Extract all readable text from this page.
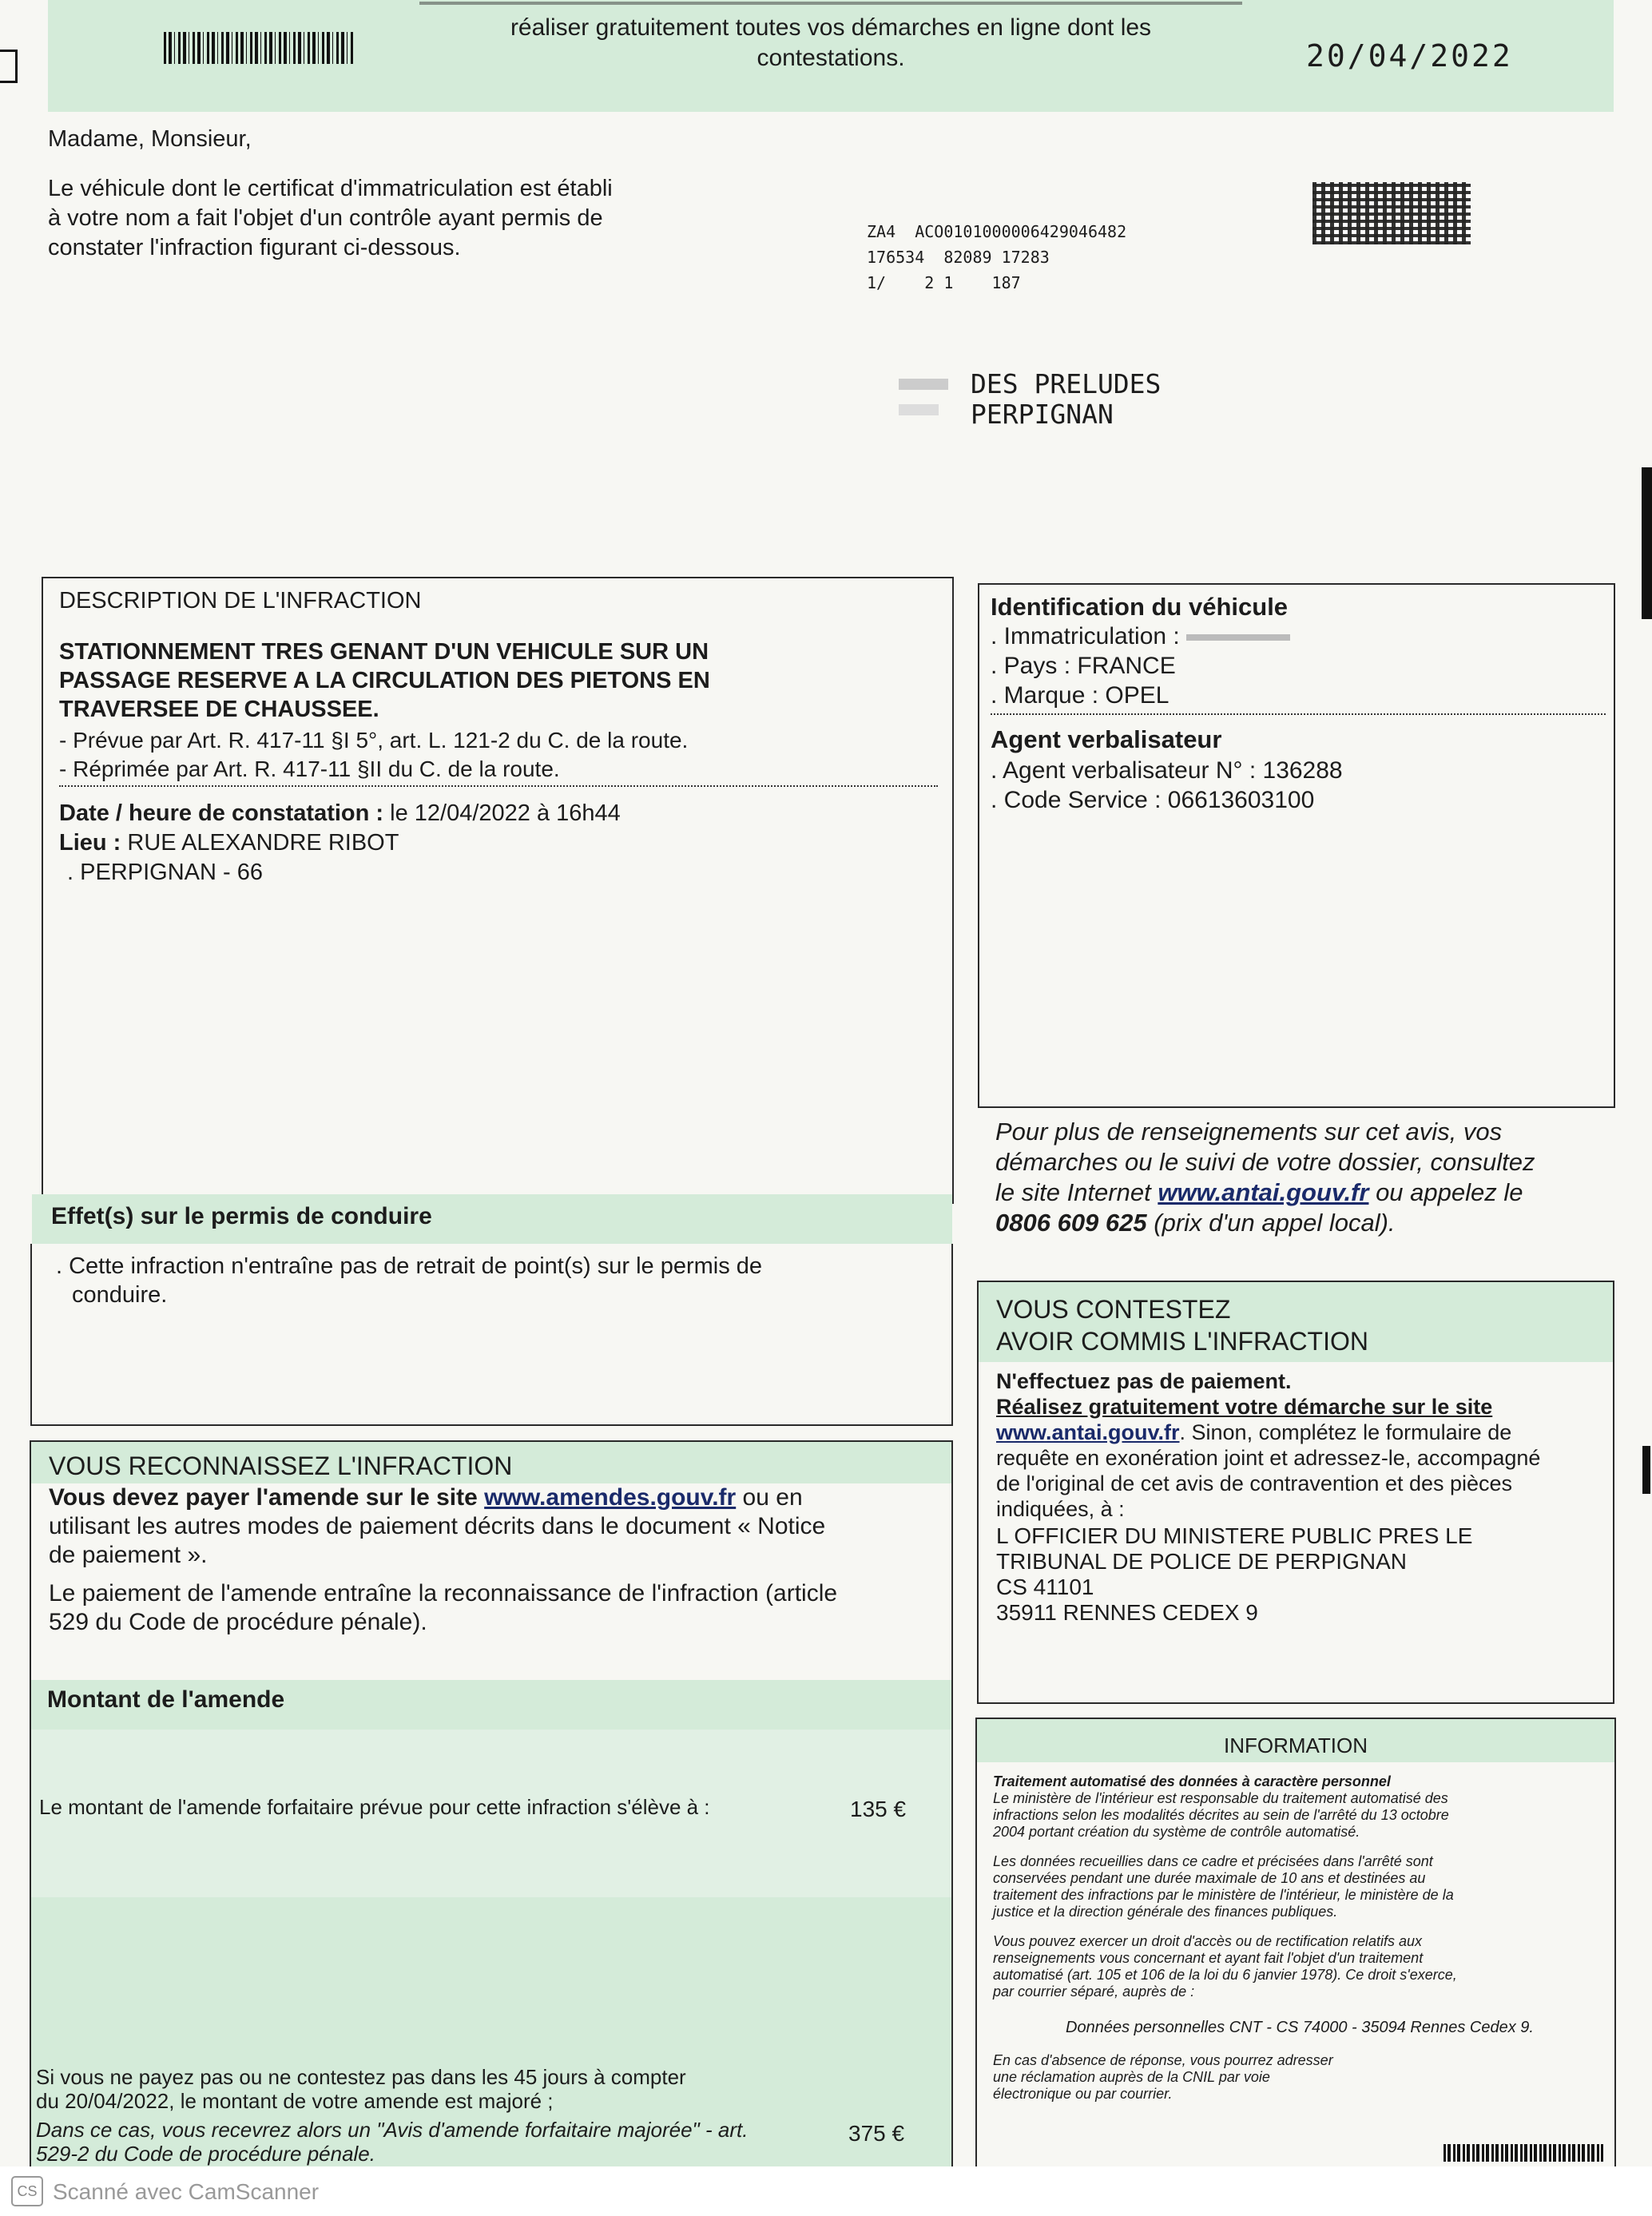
réaliser gratuitement toutes vos démarches en ligne dont les
contestations.	20/04/2022
Madame, Monsieur,
Le véhicule dont le certificat d'immatriculation est établi
à votre nom a fait l'objet d'un contrôle ayant permis de
constater l'infraction figurant ci-dessous.

ZA4  ACO0101000006429046482
176534  82089 17283
1/    2 1    187

DES PRELUDES
PERPIGNAN
DESCRIPTION DE L'INFRACTION
STATIONNEMENT TRES GENANT D'UN VEHICULE SUR UN
PASSAGE RESERVE A LA CIRCULATION DES PIETONS EN
TRAVERSEE DE CHAUSSEE.
- Prévue par Art. R. 417-11 §I 5°, art. L. 121-2 du C. de la route.
- Réprimée par Art. R. 417-11 §II du C. de la route.
Date / heure de constatation : le 12/04/2022 à 16h44
Lieu : RUE ALEXANDRE RIBOT
. PERPIGNAN - 66
Effet(s) sur le permis de conduire
. Cette infraction n'entraîne pas de retrait de point(s) sur le permis de
conduire.
Identification du véhicule
. Immatriculation :
. Pays : FRANCE
. Marque : OPEL
Agent verbalisateur
. Agent verbalisateur N° : 136288
. Code Service : 06613603100
Pour plus de renseignements sur cet avis, vos
démarches ou le suivi de votre dossier, consultez
le site Internet www.antai.gouv.fr ou appelez le
0806 609 625 (prix d'un appel local).
VOUS CONTESTEZ
AVOIR COMMIS L'INFRACTION
N'effectuez pas de paiement.
Réalisez gratuitement votre démarche sur le site
www.antai.gouv.fr. Sinon, complétez le formulaire de
requête en exonération joint et adressez-le, accompagné
de l'original de cet avis de contravention et des pièces
indiquées, à :
L OFFICIER DU MINISTERE PUBLIC PRES LE
TRIBUNAL DE POLICE DE PERPIGNAN
CS 41101
35911 RENNES CEDEX 9
VOUS RECONNAISSEZ L'INFRACTION
Vous devez payer l'amende sur le site www.amendes.gouv.fr ou en
utilisant les autres modes de paiement décrits dans le document « Notice
de paiement ».
Le paiement de l'amende entraîne la reconnaissance de l'infraction (article
529 du Code de procédure pénale).
Montant de l'amende
Le montant de l'amende forfaitaire prévue pour cette infraction s'élève à :	135 €
Si vous ne payez pas ou ne contestez pas dans les 45 jours à compter
du 20/04/2022, le montant de votre amende est majoré ;
Dans ce cas, vous recevrez alors un "Avis d'amende forfaitaire majorée" - art.
529-2 du Code de procédure pénale.
375 €
INFORMATION
Traitement automatisé des données à caractère personnel
Le ministère de l'intérieur est responsable du traitement automatisé des
infractions selon les modalités décrites au sein de l'arrêté du 13 octobre
2004 portant création du système de contrôle automatisé.
Les données recueillies dans ce cadre et précisées dans l'arrêté sont
conservées pendant une durée maximale de 10 ans et destinées au
traitement des infractions par le ministère de l'intérieur, le ministère de la
justice et la direction générale des finances publiques.
Vous pouvez exercer un droit d'accès ou de rectification relatifs aux
renseignements vous concernant et ayant fait l'objet d'un traitement
automatisé (art. 105 et 106 de la loi du 6 janvier 1978). Ce droit s'exerce,
par courrier séparé, auprès de :
Données personnelles CNT - CS 74000 - 35094 Rennes Cedex 9.
En cas d'absence de réponse, vous pourrez adresser
une réclamation auprès de la CNIL par voie
électronique ou par courrier.
CS Scanné avec CamScanner
